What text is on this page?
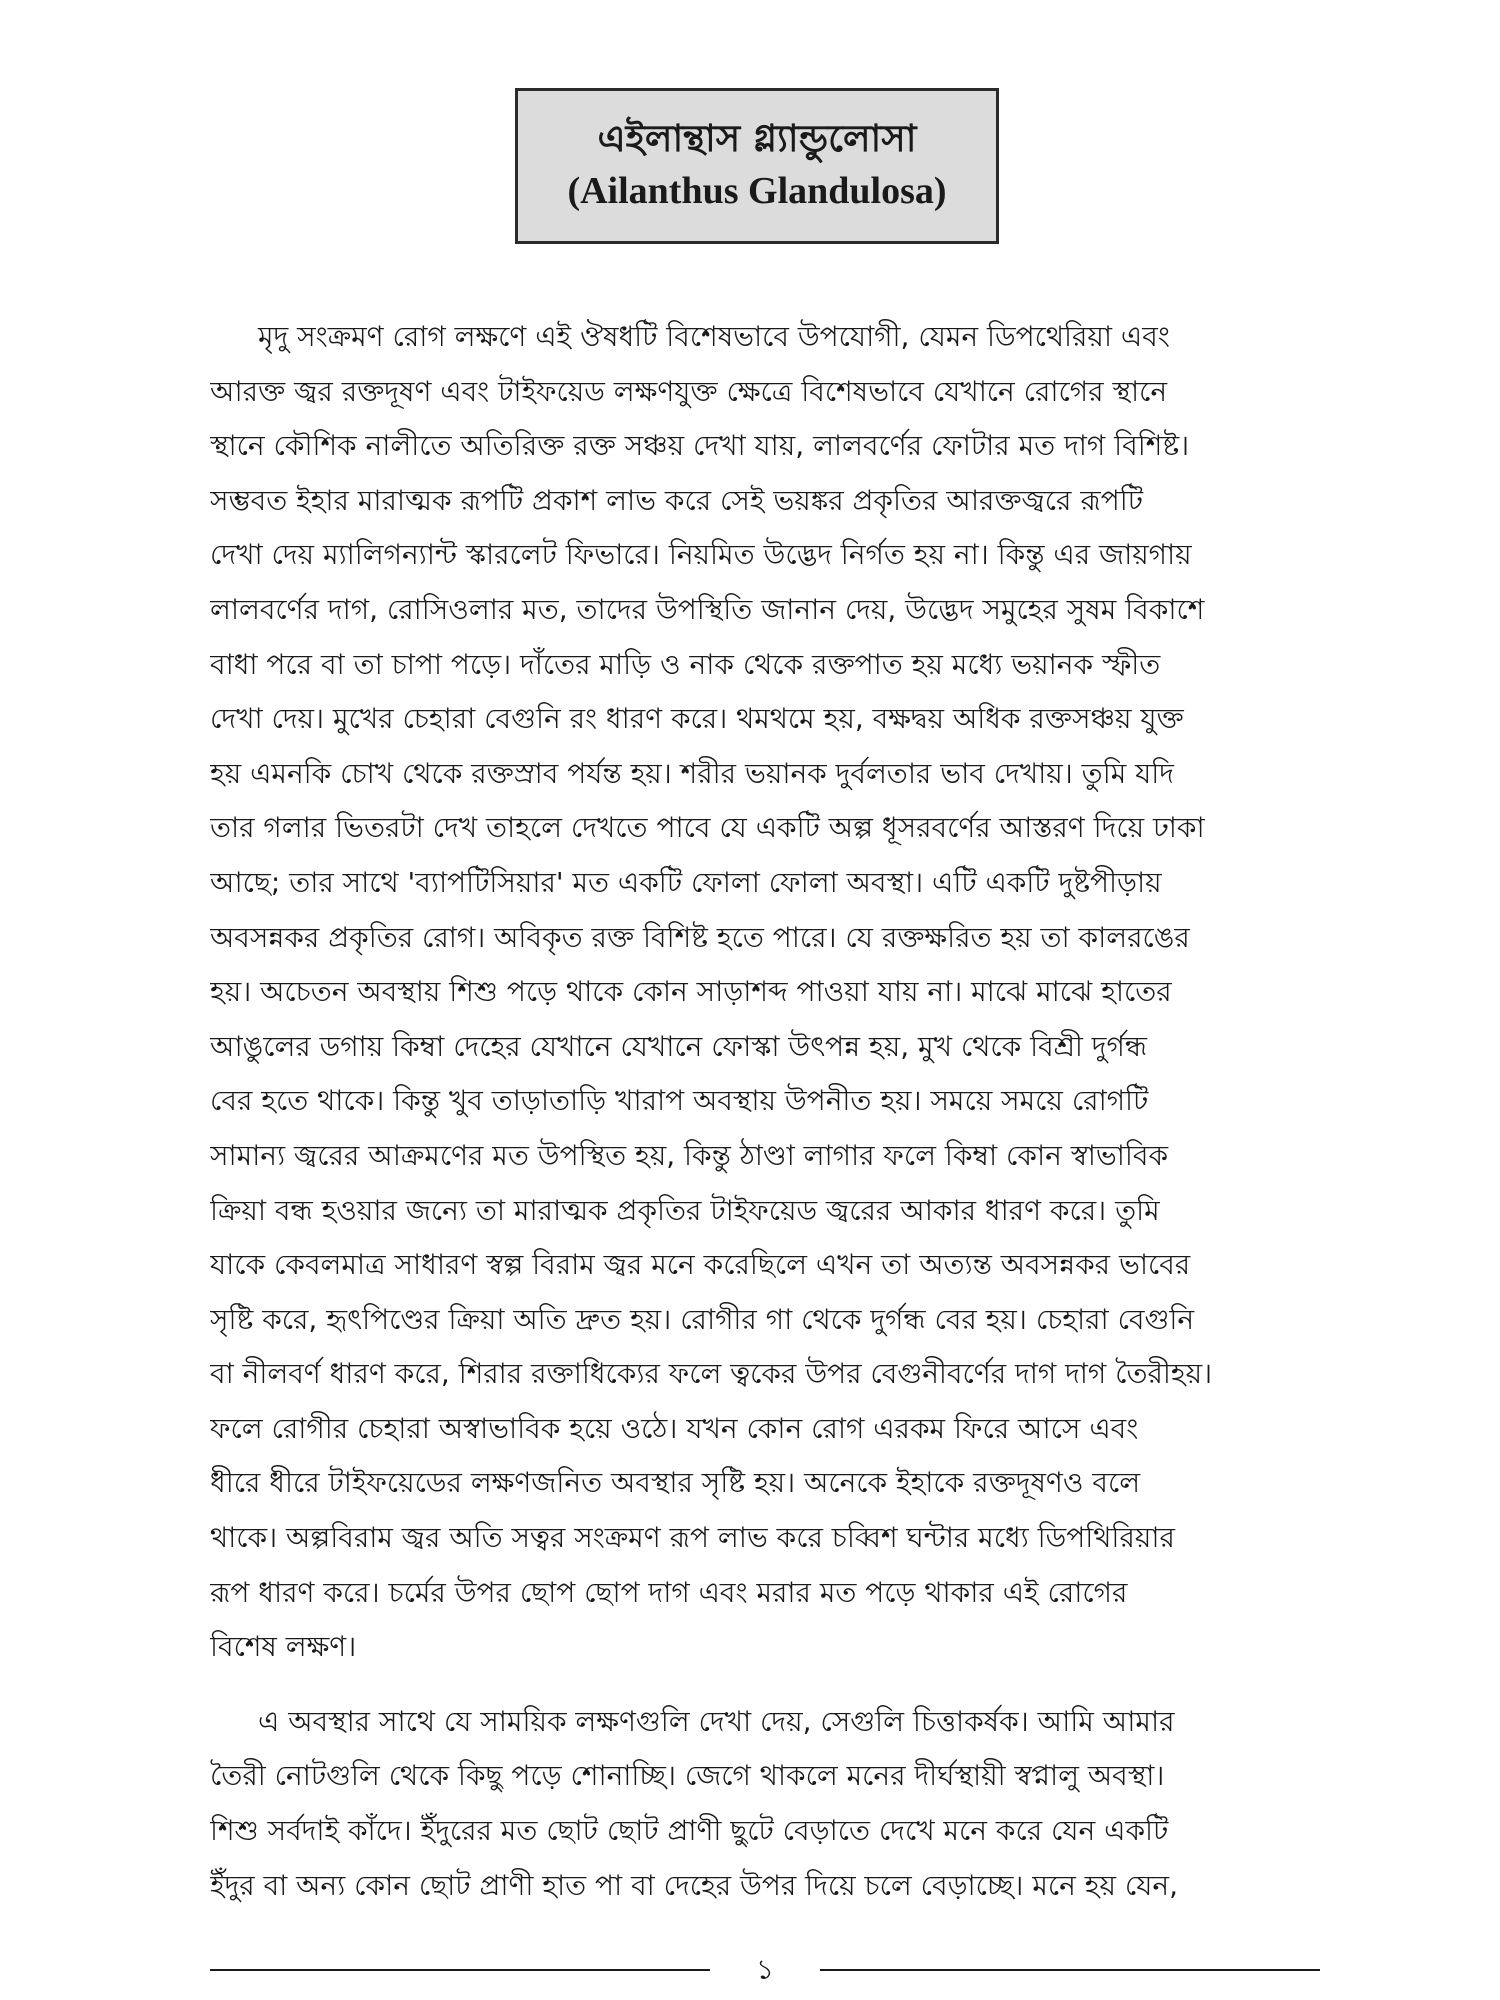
এইলান্থাস গ্ল্যান্ডুলোসা
(Ailanthus Glandulosa)
মৃদু সংক্রমণ রোগ লক্ষণে এই ঔষধটি বিশেষভাবে উপযোগী, যেমন ডিপথেরিয়া এবং
আরক্ত জ্বর রক্তদূষণ এবং টাইফয়েড লক্ষণযুক্ত ক্ষেত্রে বিশেষভাবে যেখানে রোগের স্থানে
স্থানে কৌশিক নালীতে অতিরিক্ত রক্ত সঞ্চয় দেখা যায়, লালবর্ণের ফোটার মত দাগ বিশিষ্ট।
সম্ভবত ইহার মারাত্মক রূপটি প্রকাশ লাভ করে সেই ভয়ঙ্কর প্রকৃতির আরক্তজ্বরে রূপটি
দেখা দেয় ম্যালিগন্যান্ট স্কারলেট ফিভারে। নিয়মিত উদ্ভেদ নির্গত হয় না। কিন্তু এর জায়গায়
লালবর্ণের দাগ, রোসিওলার মত, তাদের উপস্থিতি জানান দেয়, উদ্ভেদ সমুহের সুষম বিকাশে
বাধা পরে বা তা চাপা পড়ে। দাঁতের মাড়ি ও নাক থেকে রক্তপাত হয় মধ্যে ভয়ানক স্ফীত
দেখা দেয়। মুখের চেহারা বেগুনি রং ধারণ করে। থমথমে হয়, বক্ষদ্বয় অধিক রক্তসঞ্চয় যুক্ত
হয় এমনকি চোখ থেকে রক্তস্রাব পর্যন্ত হয়। শরীর ভয়ানক দুর্বলতার ভাব দেখায়। তুমি যদি
তার গলার ভিতরটা দেখ তাহলে দেখতে পাবে যে একটি অল্প ধূসরবর্ণের আস্তরণ দিয়ে ঢাকা
আছে; তার সাথে 'ব্যাপটিসিয়ার' মত একটি ফোলা ফোলা অবস্থা। এটি একটি দুষ্টপীড়ায়
অবসন্নকর প্রকৃতির রোগ। অবিকৃত রক্ত বিশিষ্ট হতে পারে। যে রক্তক্ষরিত হয় তা কালরঙের
হয়। অচেতন অবস্থায় শিশু পড়ে থাকে কোন সাড়াশব্দ পাওয়া যায় না। মাঝে মাঝে হাতের
আঙুলের ডগায় কিম্বা দেহের যেখানে যেখানে ফোস্কা উৎপন্ন হয়, মুখ থেকে বিশ্রী দুর্গন্ধ
বের হতে থাকে। কিন্তু খুব তাড়াতাড়ি খারাপ অবস্থায় উপনীত হয়। সময়ে সময়ে রোগটি
সামান্য জ্বরের আক্রমণের মত উপস্থিত হয়, কিন্তু ঠাণ্ডা লাগার ফলে কিম্বা কোন স্বাভাবিক
ক্রিয়া বন্ধ হওয়ার জন্যে তা মারাত্মক প্রকৃতির টাইফয়েড জ্বরের আকার ধারণ করে। তুমি
যাকে কেবলমাত্র সাধারণ স্বল্প বিরাম জ্বর মনে করেছিলে এখন তা অত্যন্ত অবসন্নকর ভাবের
সৃষ্টি করে, হৃৎপিণ্ডের ক্রিয়া অতি দ্রুত হয়। রোগীর গা থেকে দুর্গন্ধ বের হয়। চেহারা বেগুনি
বা নীলবর্ণ ধারণ করে, শিরার রক্তাধিক্যের ফলে ত্বকের উপর বেগুনীবর্ণের দাগ দাগ তৈরীহয়।
ফলে রোগীর চেহারা অস্বাভাবিক হয়ে ওঠে। যখন কোন রোগ এরকম ফিরে আসে এবং
ধীরে ধীরে টাইফয়েডের লক্ষণজনিত অবস্থার সৃষ্টি হয়। অনেকে ইহাকে রক্তদূষণও বলে
থাকে। অল্পবিরাম জ্বর অতি সত্বর সংক্রমণ রূপ লাভ করে চব্বিশ ঘন্টার মধ্যে ডিপথিরিয়ার
রূপ ধারণ করে। চর্মের উপর ছোপ ছোপ দাগ এবং মরার মত পড়ে থাকার এই রোগের
বিশেষ লক্ষণ।
এ অবস্থার সাথে যে সাময়িক লক্ষণগুলি দেখা দেয়, সেগুলি চিত্তাকর্ষক। আমি আমার
তৈরী নোটগুলি থেকে কিছু পড়ে শোনাচ্ছি। জেগে থাকলে মনের দীর্ঘস্থায়ী স্বপ্নালু অবস্থা।
শিশু সর্বদাই কাঁদে। ইঁদুরের মত ছোট ছোট প্রাণী ছুটে বেড়াতে দেখে মনে করে যেন একটি
ইঁদুর বা অন্য কোন ছোট প্রাণী হাত পা বা দেহের উপর দিয়ে চলে বেড়াচ্ছে। মনে হয় যেন,
১
